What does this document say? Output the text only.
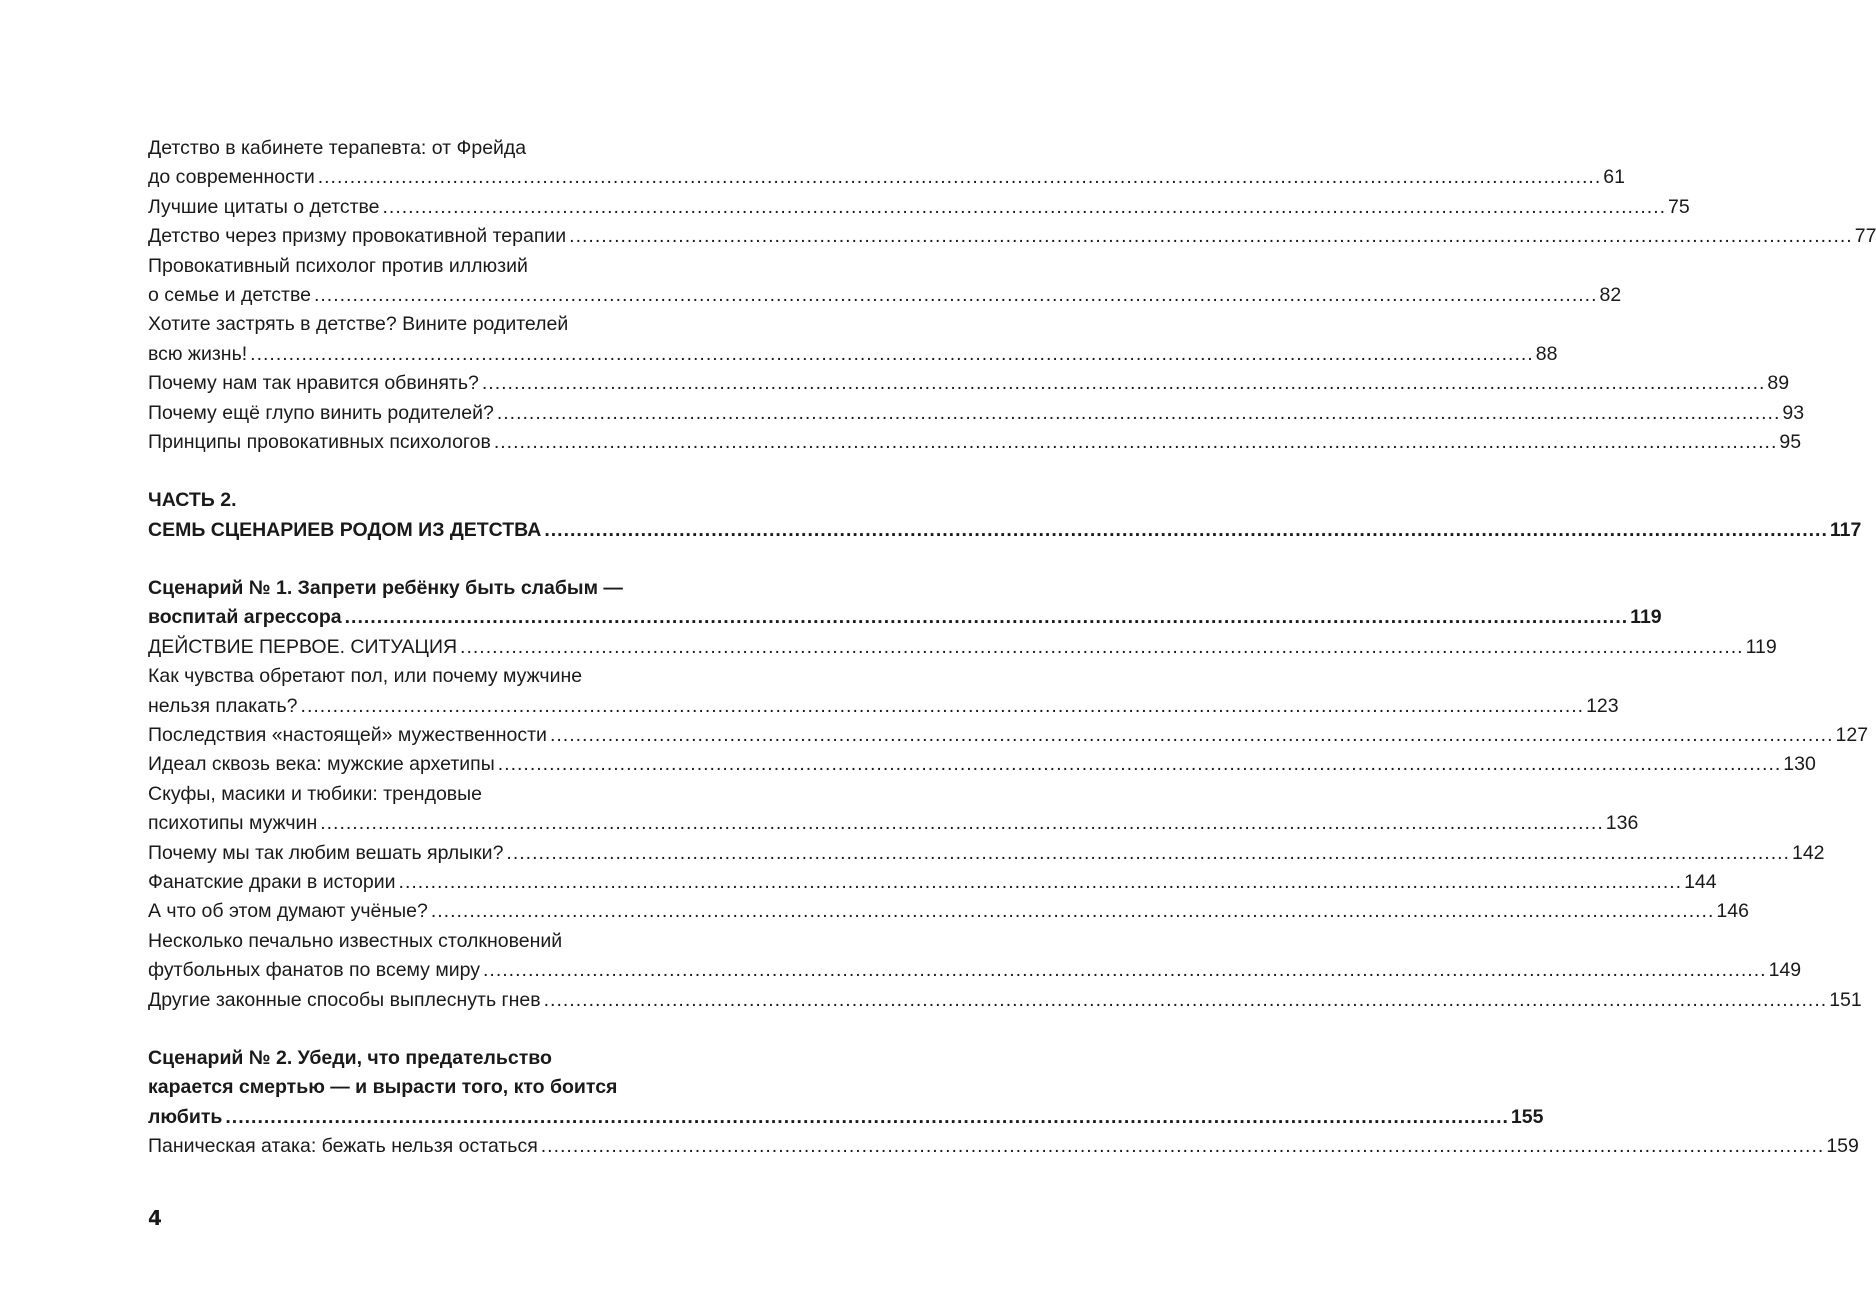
Детство в кабинете терапевта: от Фрейда
до современности ........................................................................................................................................................................................................ 61
Лучшие цитаты о детстве ........................................................................................................................................................................................................ 75
Детство через призму провокативной терапии ........................................................................................................................................................................................................ 77
Провокативный психолог против иллюзий
о семье и детстве ........................................................................................................................................................................................................ 82
Хотите застрять в детстве? Вините родителей
всю жизнь! ........................................................................................................................................................................................................ 88
Почему нам так нравится обвинять? ........................................................................................................................................................................................................ 89
Почему ещё глупо винить родителей? ........................................................................................................................................................................................................ 93
Принципы провокативных психологов ........................................................................................................................................................................................................ 95
ЧАСТЬ 2.
СЕМЬ СЦЕНАРИЕВ РОДОМ ИЗ ДЕТСТВА ........................................................................................................................................................................................................ 117
Сценарий № 1. Запрети ребёнку быть слабым —
воспитай агрессора ........................................................................................................................................................................................................ 119
ДЕЙСТВИЕ ПЕРВОЕ. СИТУАЦИЯ ........................................................................................................................................................................................................ 119
Как чувства обретают пол, или почему мужчине
нельзя плакать? ........................................................................................................................................................................................................ 123
Последствия «настоящей» мужественности ........................................................................................................................................................................................................ 127
Идеал сквозь века: мужские архетипы ........................................................................................................................................................................................................ 130
Скуфы, масики и тюбики: трендовые
психотипы мужчин ........................................................................................................................................................................................................ 136
Почему мы так любим вешать ярлыки? ........................................................................................................................................................................................................ 142
Фанатские драки в истории ........................................................................................................................................................................................................ 144
А что об этом думают учёные? ........................................................................................................................................................................................................ 146
Несколько печально известных столкновений
футбольных фанатов по всему миру ........................................................................................................................................................................................................ 149
Другие законные способы выплеснуть гнев ........................................................................................................................................................................................................ 151
Сценарий № 2. Убеди, что предательство
карается смертью — и вырасти того, кто боится
любить ........................................................................................................................................................................................................ 155
Паническая атака: бежать нельзя остаться ........................................................................................................................................................................................................ 159
4
